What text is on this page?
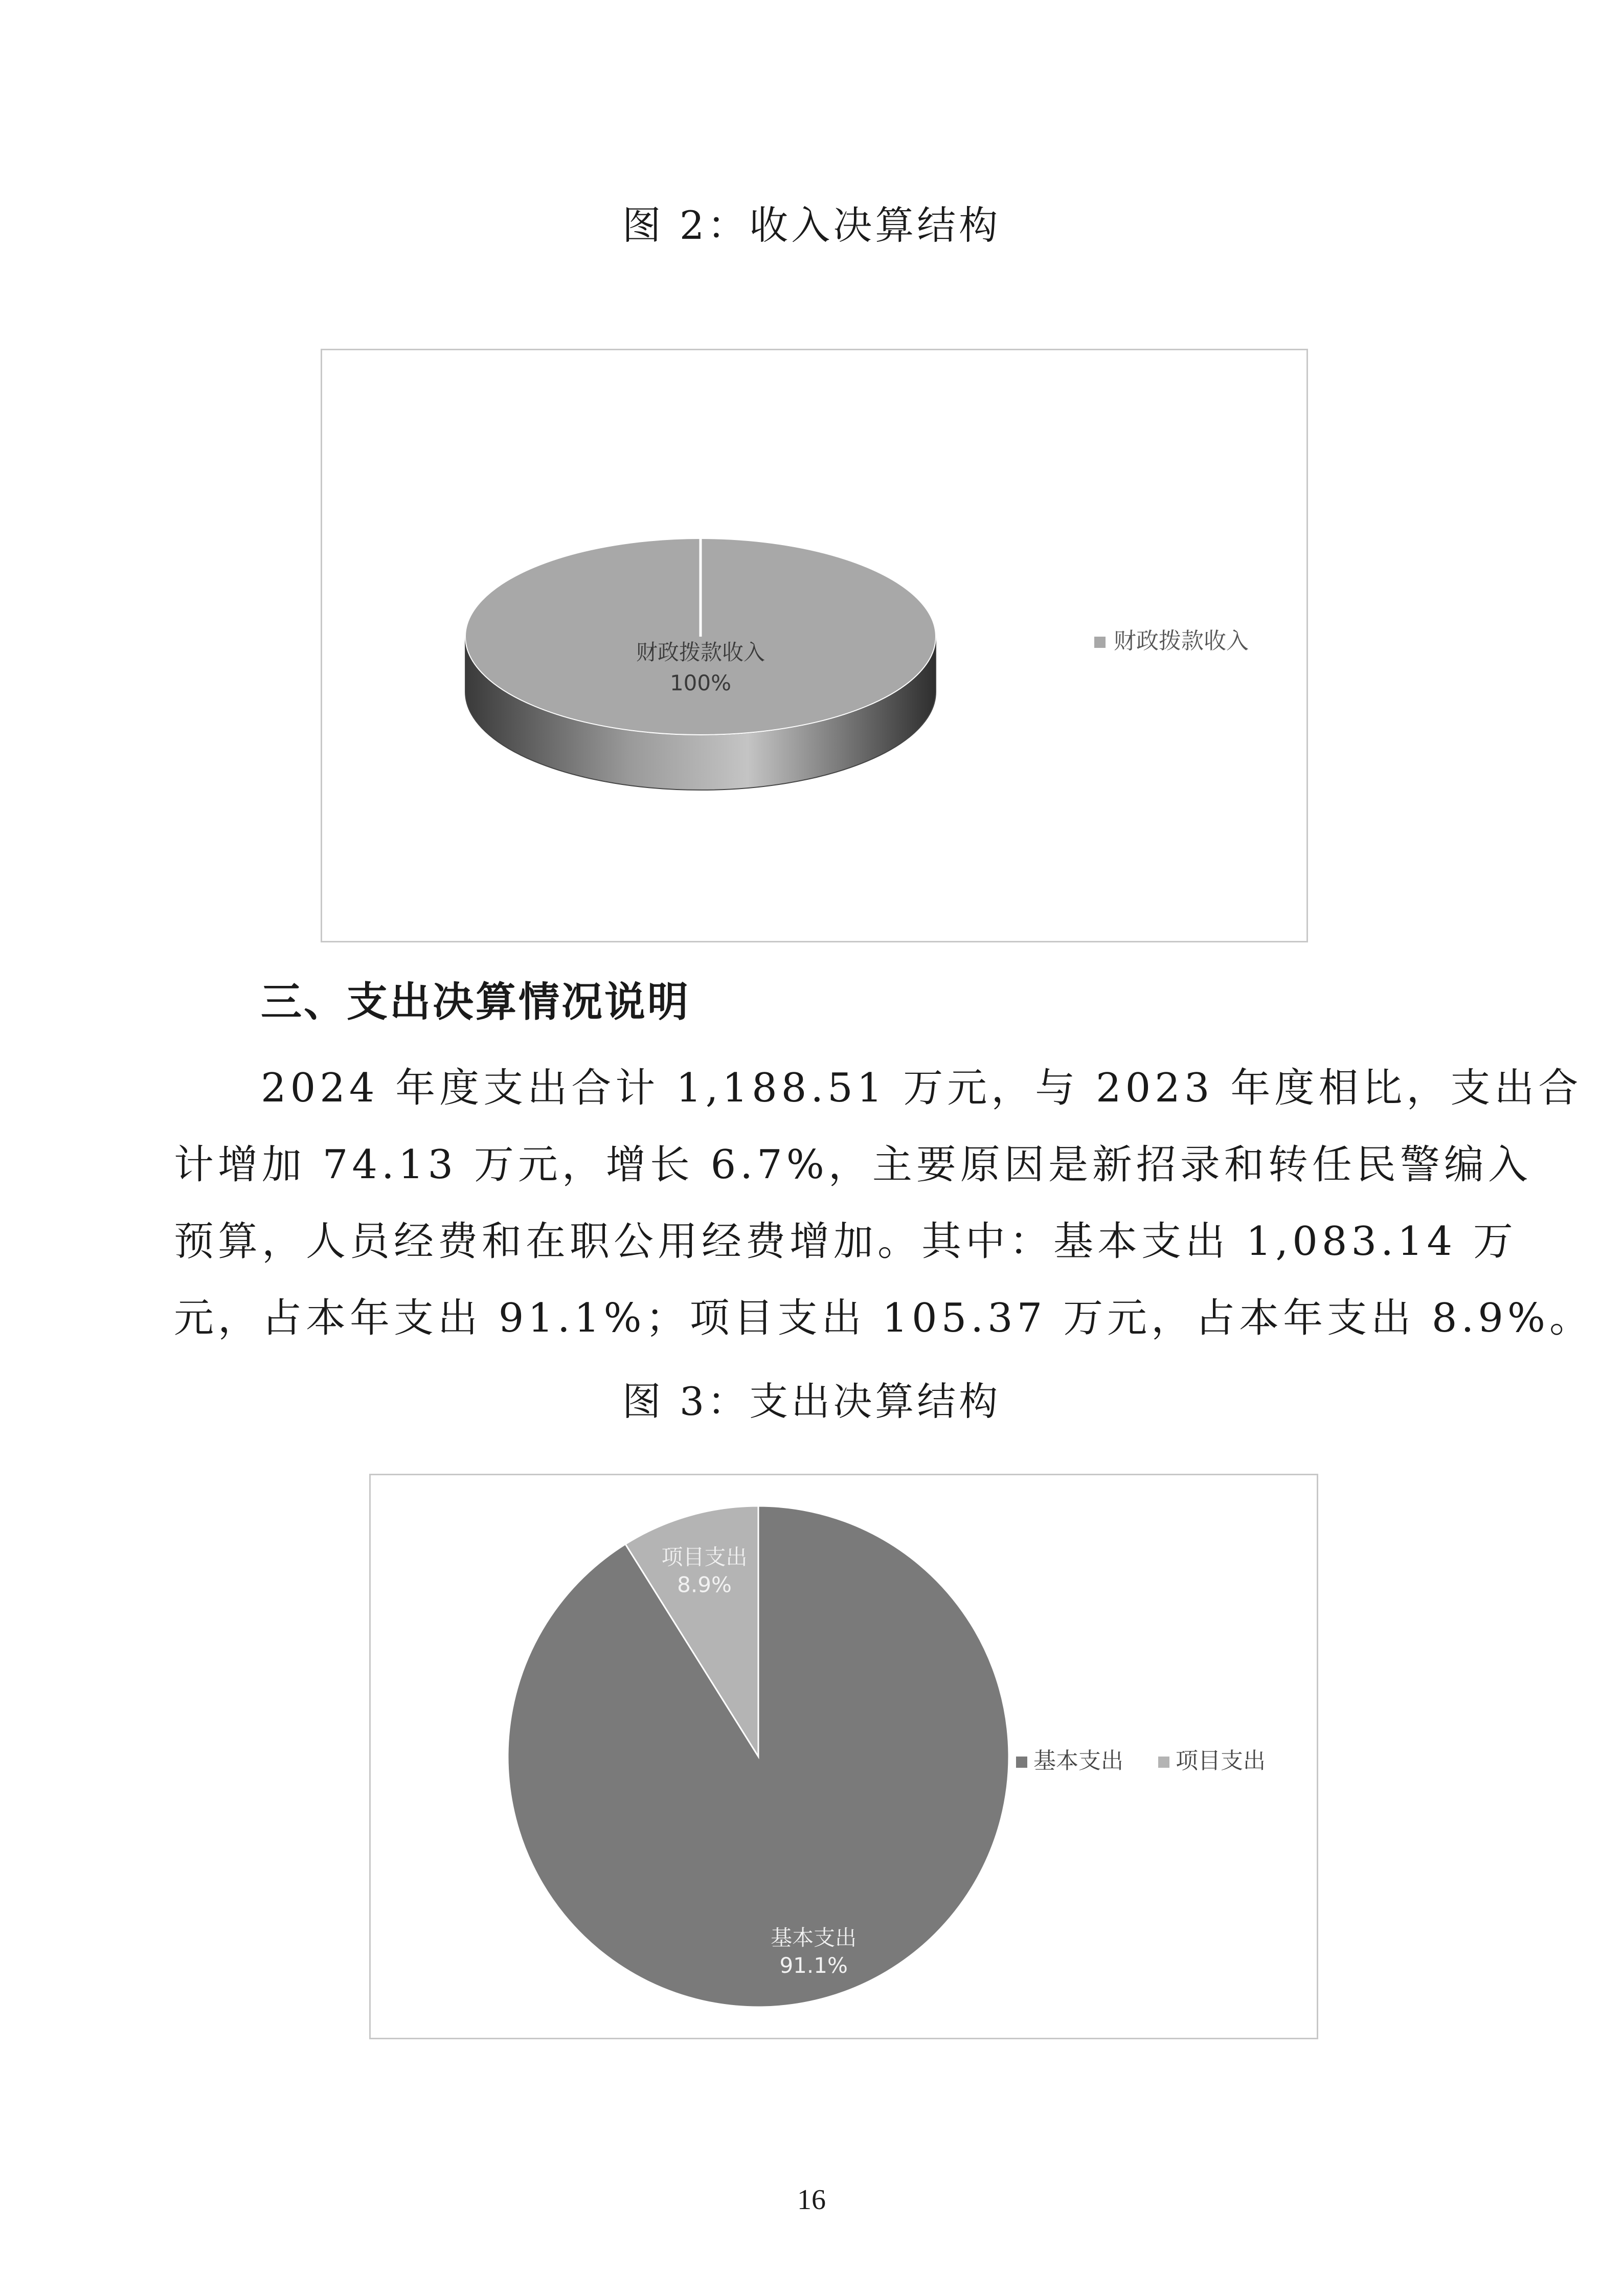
图 2：收入决算结构
财政拨款收入
100%
财政拨款收入
三、支出决算情况说明
2024 年度支出合计 1,188.51 万元，与 2023 年度相比，支出合
计增加 74.13 万元，增长 6.7%，主要原因是新招录和转任民警编入
预算，人员经费和在职公用经费增加。其中：基本支出 1,083.14 万
元，占本年支出 91.1%；项目支出 105.37 万元，占本年支出 8.9%。
图 3：支出决算结构
基本支出
91.1%
项目支出
8.9%
基本支出 项目支出
16
